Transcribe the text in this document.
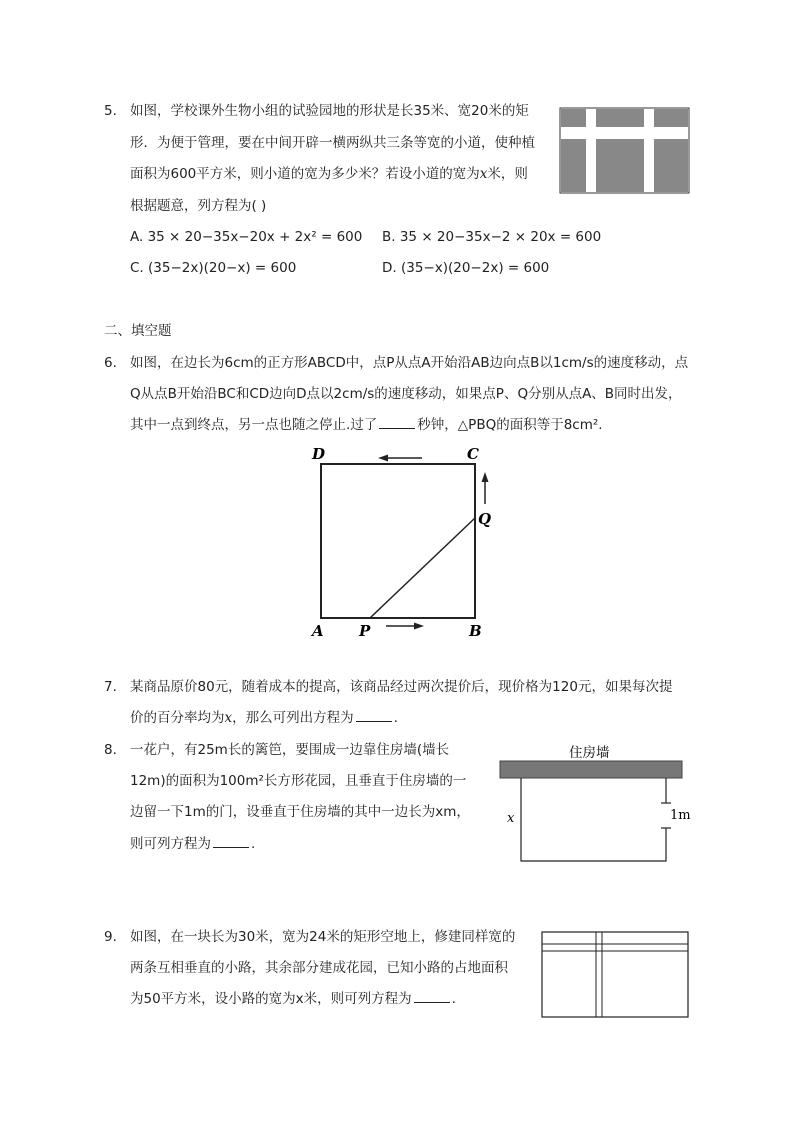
5. 如图，学校课外生物小组的试验园地的形状是长35米、宽20米的矩
形．为便于管理，要在中间开辟一横两纵共三条等宽的小道，使种植
面积为600平方米，则小道的宽为多少米？若设小道的宽为x米，则
根据题意，列方程为( )
A. 35 × 20−35x−20x + 2x² = 600 B. 35 × 20−35x−2 × 20x = 600
C. (35−2x)(20−x) = 600	D. (35−x)(20−2x) = 600
二、填空题
6. 如图，在边长为6cm的正方形ABCD中，点P从点A开始沿AB边向点B以1cm/s的速度移动，点
Q从点B开始沿BC和CD边向D点以2cm/s的速度移动，如果点P、Q分别从点A、B同时出发，
其中一点到终点，另一点也随之停止.过了	秒钟，△PBQ的面积等于8cm².
D	C
Q
A P	B
7. 某商品原价80元，随着成本的提高，该商品经过两次提价后，现价格为120元，如果每次提
价的百分率均为x，那么可列出方程为	.
8. 一花户，有25m长的篱笆，要围成一边靠住房墙(墙长
12m)的面积为100m²长方形花园，且垂直于住房墙的一
边留一下1m的门，设垂直于住房墙的其中一边长为xm，
则可列方程为	.
住房墙
x	1m
9. 如图，在一块长为30米，宽为24米的矩形空地上，修建同样宽的
两条互相垂直的小路，其余部分建成花园，已知小路的占地面积
为50平方米，设小路的宽为x米，则可列方程为	.
